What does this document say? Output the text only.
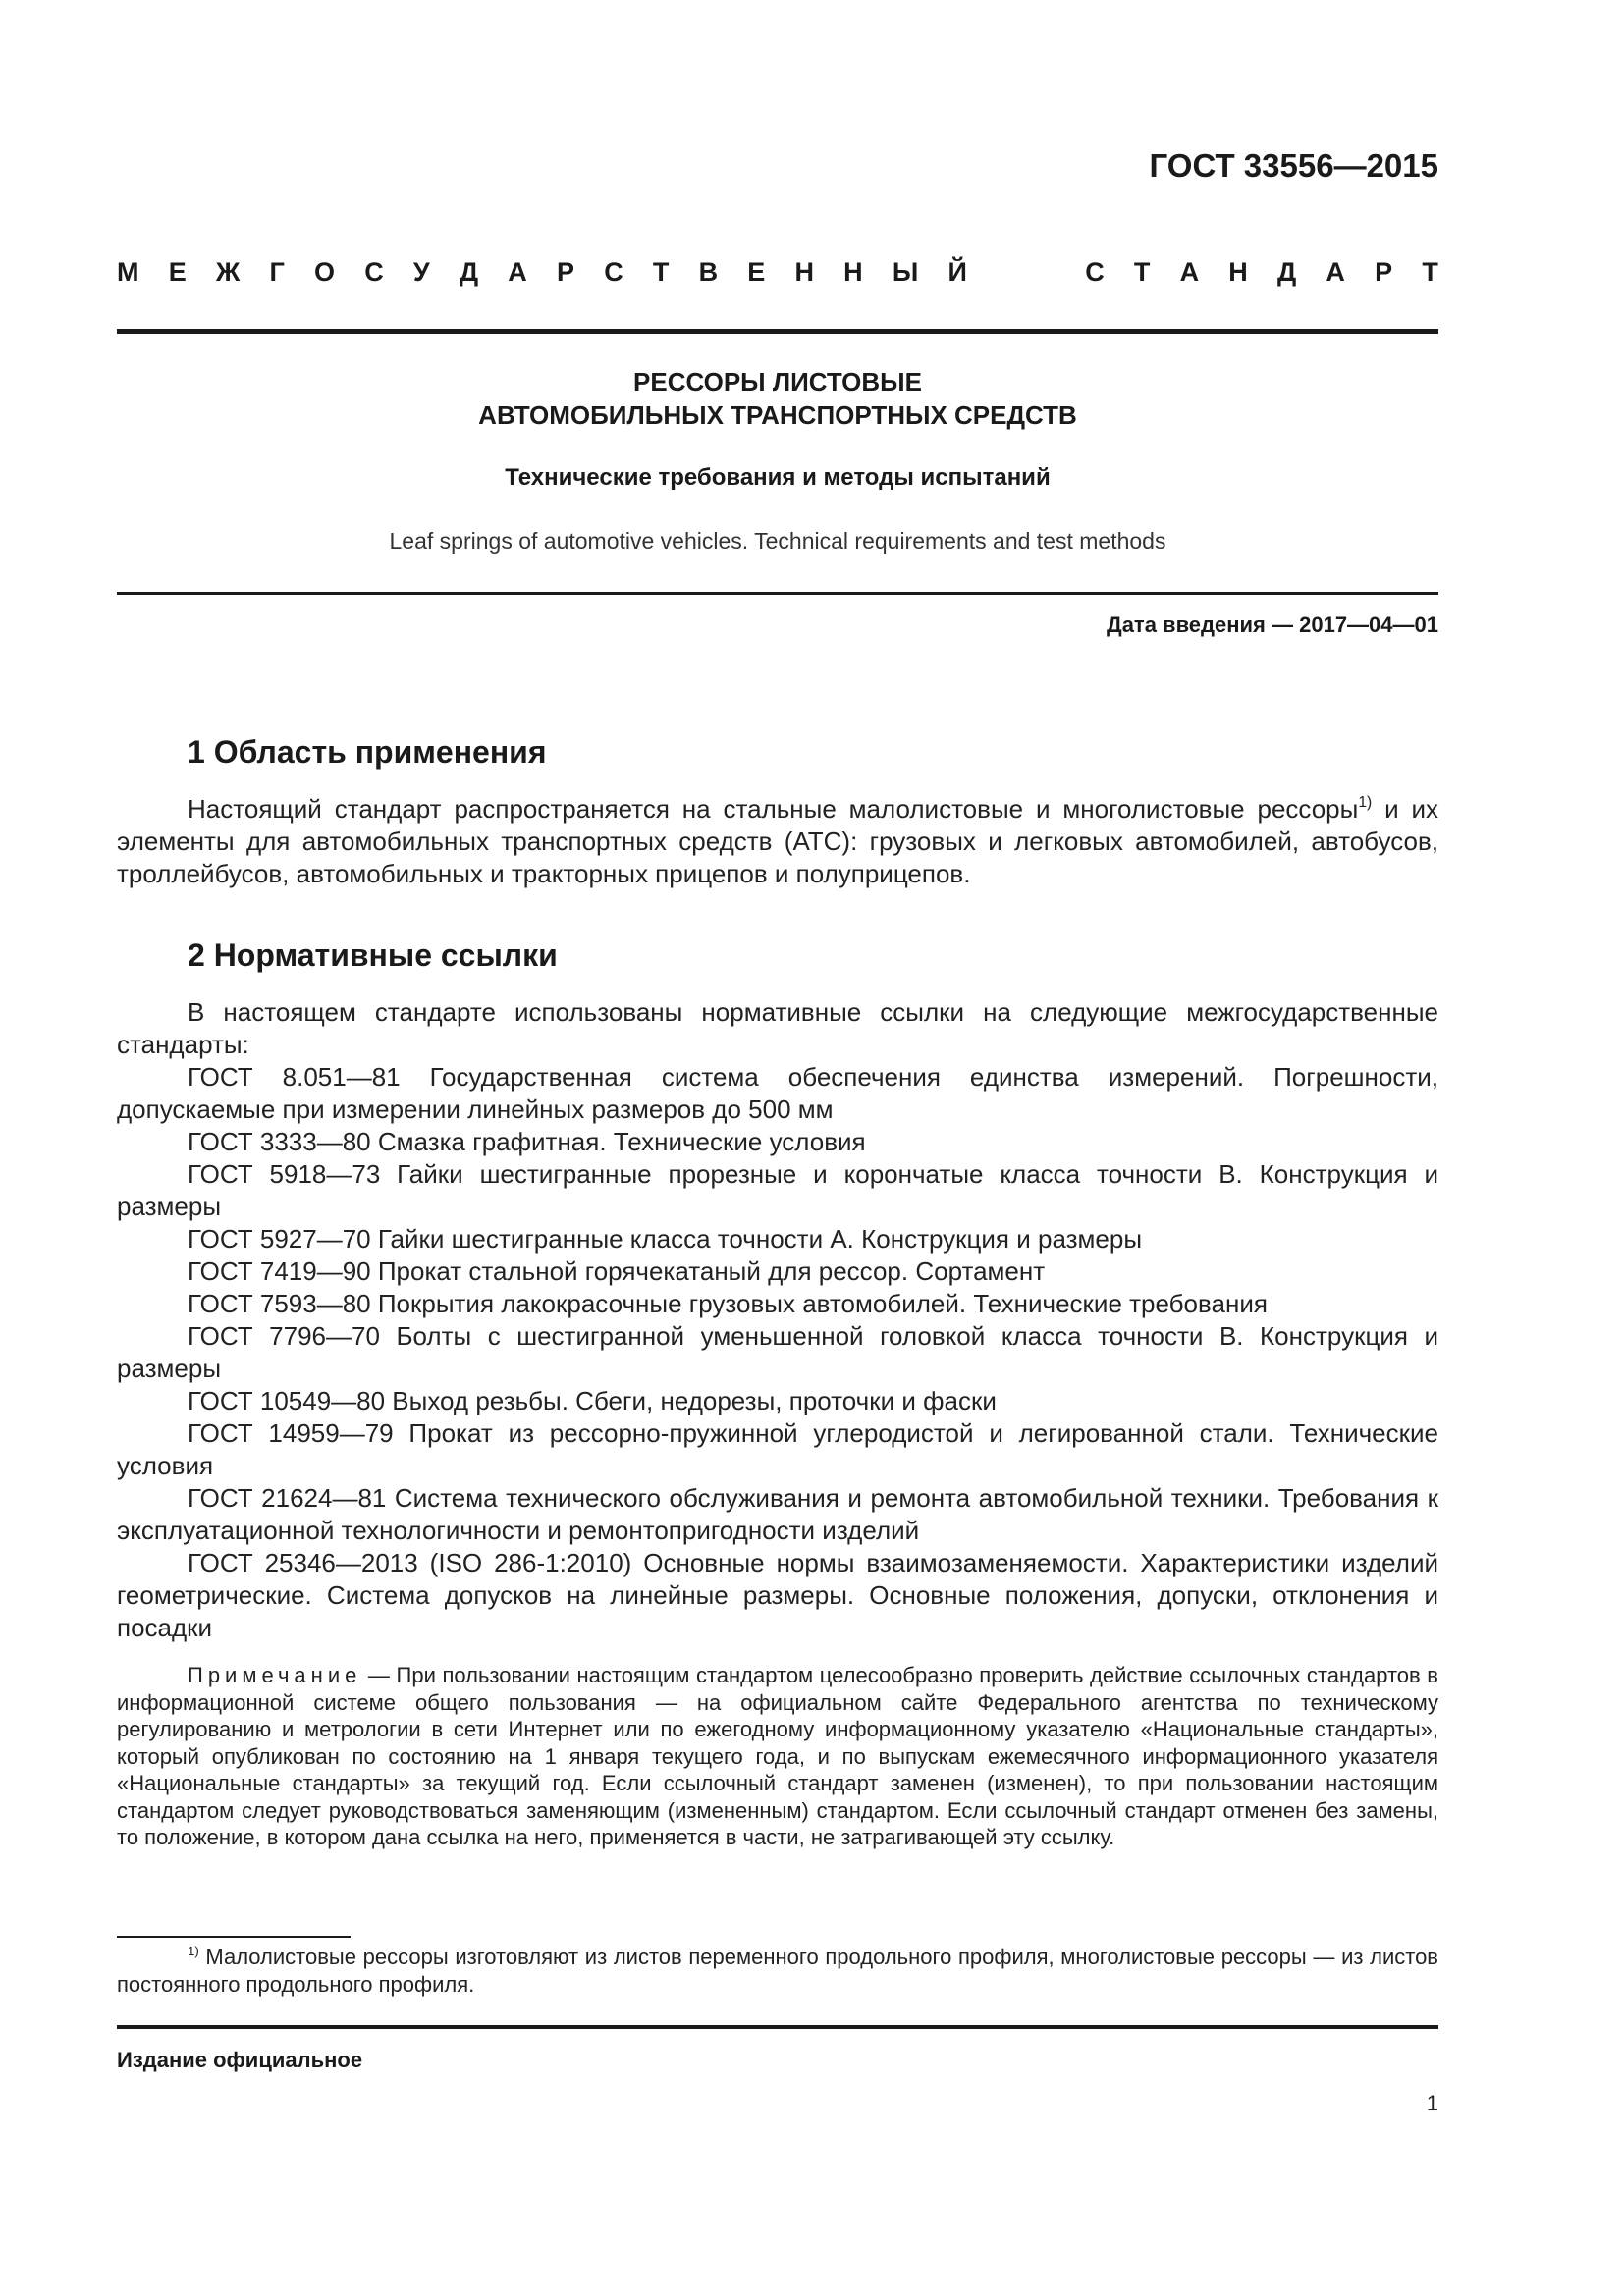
ГОСТ 33556—2015
М Е Ж Г О С У Д А Р С Т В Е Н Н Ы Й	С Т А Н Д А Р Т
РЕССОРЫ ЛИСТОВЫЕ
АВТОМОБИЛЬНЫХ ТРАНСПОРТНЫХ СРЕДСТВ
Технические требования и методы испытаний
Leaf springs of automotive vehicles. Technical requirements and test methods
Дата введения — 2017—04—01
1 Область применения
Настоящий стандарт распространяется на стальные малолистовые и многолистовые рессоры$^{1)}$ и их элементы для автомобильных транспортных средств (АТС): грузовых и легковых автомобилей, автобусов, троллейбусов, автомобильных и тракторных прицепов и полуприцепов.
2 Нормативные ссылки
В настоящем стандарте использованы нормативные ссылки на следующие межгосударственные стандарты:

ГОСТ 8.051—81 Государственная система обеспечения единства измерений. Погрешности, допускаемые при измерении линейных размеров до 500 мм

ГОСТ 3333—80 Смазка графитная. Технические условия

ГОСТ 5918—73 Гайки шестигранные прорезные и корончатые класса точности В. Конструкция и размеры

ГОСТ 5927—70 Гайки шестигранные класса точности А. Конструкция и размеры

ГОСТ 7419—90 Прокат стальной горячекатаный для рессор. Сортамент

ГОСТ 7593—80 Покрытия лакокрасочные грузовых автомобилей. Технические требования

ГОСТ 7796—70 Болты с шестигранной уменьшенной головкой класса точности В. Конструкция и размеры

ГОСТ 10549—80 Выход резьбы. Сбеги, недорезы, проточки и фаски

ГОСТ 14959—79 Прокат из рессорно-пружинной углеродистой и легированной стали. Технические условия

ГОСТ 21624—81 Система технического обслуживания и ремонта автомобильной техники. Требования к эксплуатационной технологичности и ремонтопригодности изделий

ГОСТ 25346—2013 (ISO 286-1:2010) Основные нормы взаимозаменяемости. Характеристики изделий геометрические. Система допусков на линейные размеры. Основные положения, допуски, отклонения и посадки

Примечание — При пользовании настоящим стандартом целесообразно проверить действие ссылочных стандартов в информационной системе общего пользования — на официальном сайте Федерального агентства по техническому регулированию и метрологии в сети Интернет или по ежегодному информационному указателю «Национальные стандарты», который опубликован по состоянию на 1 января текущего года, и по выпускам ежемесячного информационного указателя «Национальные стандарты» за текущий год. Если ссылочный стандарт заменен (изменен), то при пользовании настоящим стандартом следует руководствоваться заменяющим (измененным) стандартом. Если ссылочный стандарт отменен без замены, то положение, в котором дана ссылка на него, применяется в части, не затрагивающей эту ссылку.
$^{1)}$ Малолистовые рессоры изготовляют из листов переменного продольного профиля, многолистовые рессоры — из листов постоянного продольного профиля.
Издание официальное
1
